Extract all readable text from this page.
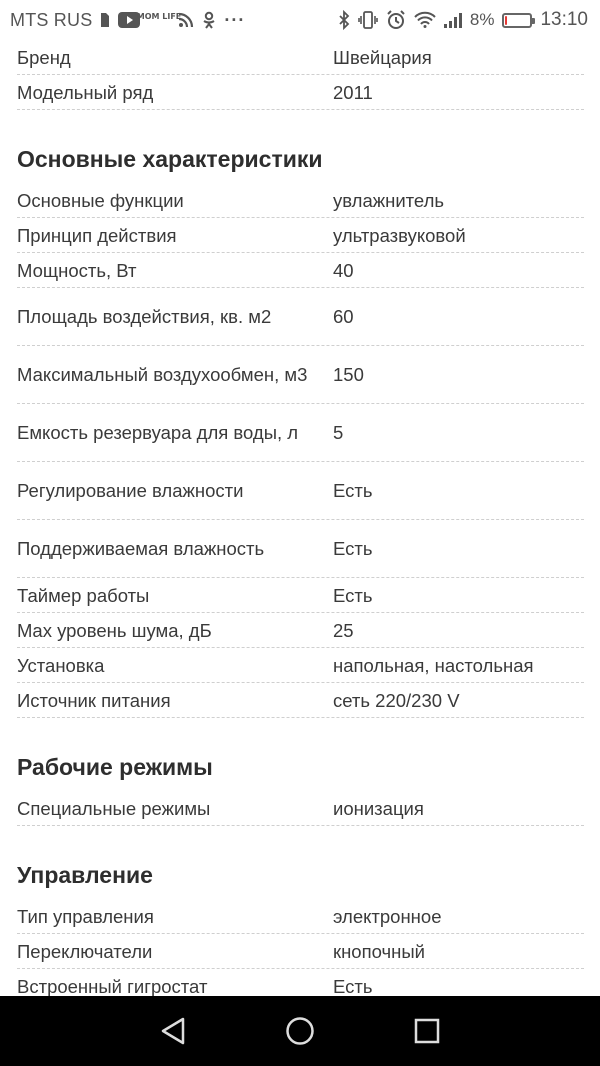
MTS RUS	MOM LIFE ···	8% 13:10
Бренд	Швейцария
Модельный ряд	2011
Основные характеристики
Основные функции	увлажнитель
Принцип действия	ультразвуковой
Мощность, Вт	40
Площадь воздействия, кв. м2	60
Максимальный воздухообмен, м3	150
Емкость резервуара для воды, л	5
Регулирование влажности	Есть
Поддерживаемая влажность	Есть
Таймер работы	Есть
Max уровень шума, дБ	25
Установка	напольная, настольная
Источник питания	сеть 220/230 V
Рабочие режимы
Специальные режимы	ионизация
Управление
Тип управления	электронное
Переключатели	кнопочный
Встроенный гигростат	Есть
